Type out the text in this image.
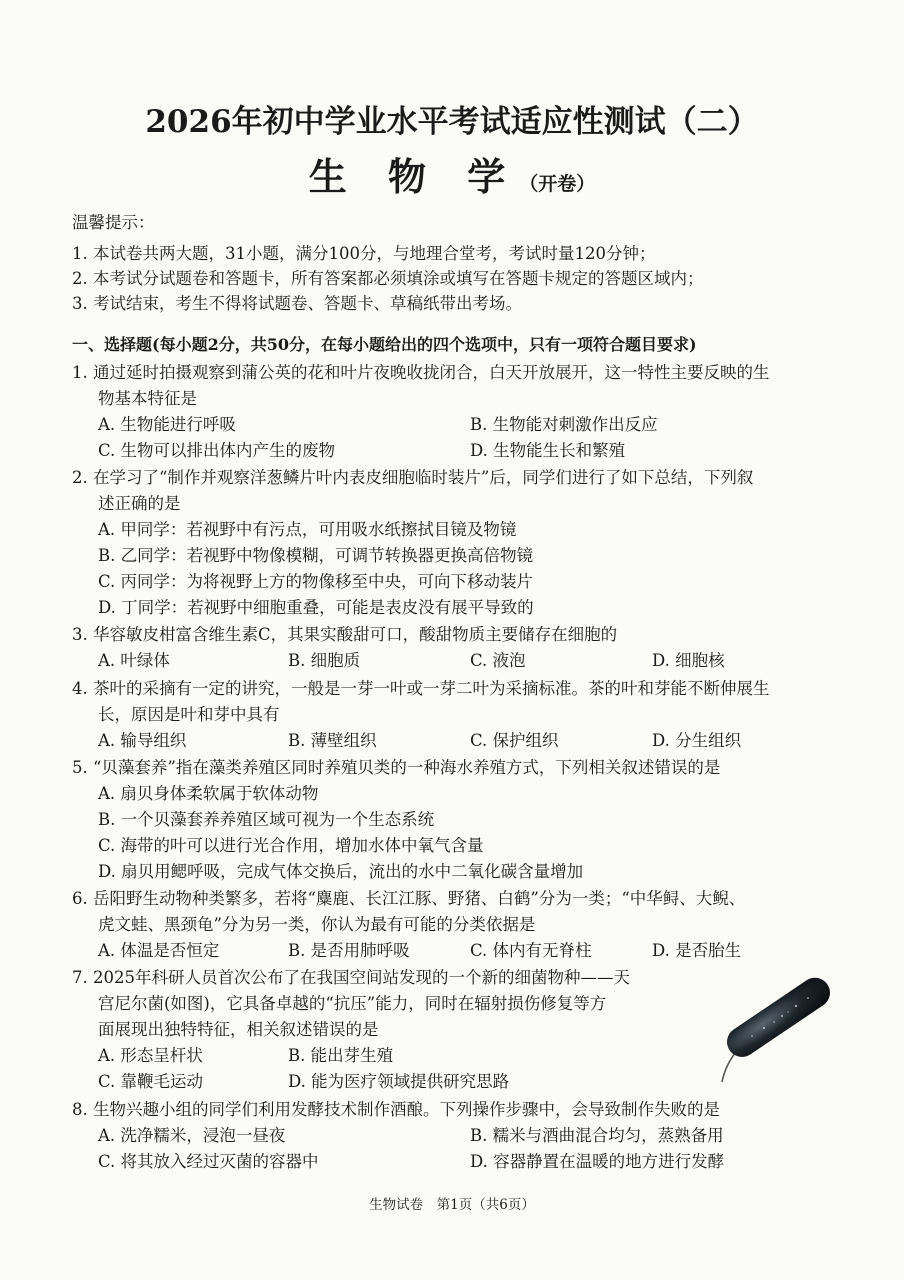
2026年初中学业水平考试适应性测试（二）
生 物 学（开卷）
温馨提示：
1. 本试卷共两大题，31小题，满分100分，与地理合堂考，考试时量120分钟；
2. 本考试分试题卷和答题卡，所有答案都必须填涂或填写在答题卡规定的答题区域内；
3. 考试结束，考生不得将试题卷、答题卡、草稿纸带出考场。
一、选择题(每小题2分，共50分，在每小题给出的四个选项中，只有一项符合题目要求)
1. 通过延时拍摄观察到蒲公英的花和叶片夜晚收拢闭合，白天开放展开，这一特性主要反映的生
物基本特征是
A. 生物能进行呼吸	B. 生物能对刺激作出反应
C. 生物可以排出体内产生的废物	D. 生物能生长和繁殖
2. 在学习了“制作并观察洋葱鳞片叶内表皮细胞临时装片”后，同学们进行了如下总结，下列叙
述正确的是
A. 甲同学：若视野中有污点，可用吸水纸擦拭目镜及物镜
B. 乙同学：若视野中物像模糊，可调节转换器更换高倍物镜
C. 丙同学：为将视野上方的物像移至中央，可向下移动装片
D. 丁同学：若视野中细胞重叠，可能是表皮没有展平导致的
3. 华容敏皮柑富含维生素C，其果实酸甜可口，酸甜物质主要储存在细胞的
A. 叶绿体	B. 细胞质	C. 液泡	D. 细胞核
4. 茶叶的采摘有一定的讲究，一般是一芽一叶或一芽二叶为采摘标准。茶的叶和芽能不断伸展生
长，原因是叶和芽中具有
A. 输导组织	B. 薄壁组织	C. 保护组织	D. 分生组织
5. “贝藻套养”指在藻类养殖区同时养殖贝类的一种海水养殖方式，下列相关叙述错误的是
A. 扇贝身体柔软属于软体动物
B. 一个贝藻套养养殖区域可视为一个生态系统
C. 海带的叶可以进行光合作用，增加水体中氧气含量
D. 扇贝用鳃呼吸，完成气体交换后，流出的水中二氧化碳含量增加
6. 岳阳野生动物种类繁多，若将“麋鹿、长江江豚、野猪、白鹤”分为一类；“中华鲟、大鲵、
虎文蛙、黑颈龟”分为另一类，你认为最有可能的分类依据是
A. 体温是否恒定	B. 是否用肺呼吸	C. 体内有无脊柱	D. 是否胎生
7. 2025年科研人员首次公布了在我国空间站发现的一个新的细菌物种——天
宫尼尔菌(如图)，它具备卓越的“抗压”能力，同时在辐射损伤修复等方
面展现出独特特征，相关叙述错误的是
A. 形态呈杆状	B. 能出芽生殖
C. 靠鞭毛运动	D. 能为医疗领域提供研究思路
8. 生物兴趣小组的同学们利用发酵技术制作酒酿。下列操作步骤中，会导致制作失败的是
A. 洗净糯米，浸泡一昼夜	B. 糯米与酒曲混合均匀，蒸熟备用
C. 将其放入经过灭菌的容器中	D. 容器静置在温暖的地方进行发酵
生物试卷　第1页（共6页）
